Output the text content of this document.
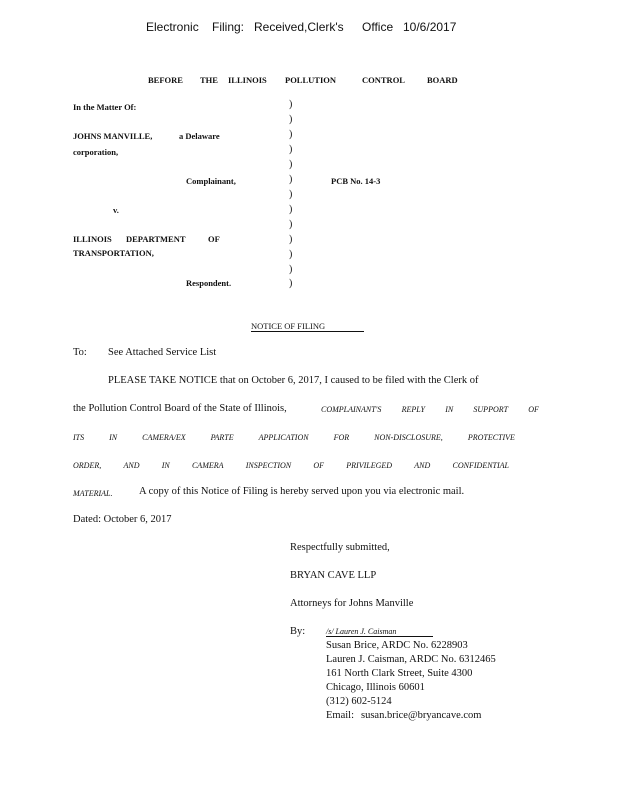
Electronic Filing: Received,Clerk's Office 10/6/2017
BEFORE THE ILLINOIS POLLUTION	CONTROL	BOARD
In the Matter Of:
JOHNS MANVILLE,	a Delaware
corporation,
Complainant,
v.
ILLINOIS DEPARTMENT	OF
TRANSPORTATION,
Respondent.
)
)
)
)
)
)
)
)
)
)
)
)
)
PCB No. 14-3
NOTICE OF FILING
To: See Attached Service List
PLEASE TAKE NOTICE that on October 6, 2017, I caused to be filed with the Clerk of
the Pollution Control Board of the State of Illinois,	COMPLAINANT'S	REPLY	IN	SUPPORT	OF
ITS	IN	CAMERA/EX	PARTE	APPLICATION	FOR	NON-DISCLOSURE,	PROTECTIVE
ORDER,	AND	IN	CAMERA	INSPECTION	OF	PRIVILEGED	AND	CONFIDENTIAL
MATERIAL.	A copy of this Notice of Filing is hereby served upon you via electronic mail.
Dated: October 6, 2017
Respectfully submitted,
BRYAN CAVE LLP
Attorneys for Johns Manville
By:	/s/ Lauren J. Caisman
Susan Brice, ARDC No. 6228903
Lauren J. Caisman, ARDC No. 6312465
161 North Clark Street, Suite 4300
Chicago, Illinois 60601
(312) 602-5124
Email: susan.brice@bryancave.com
